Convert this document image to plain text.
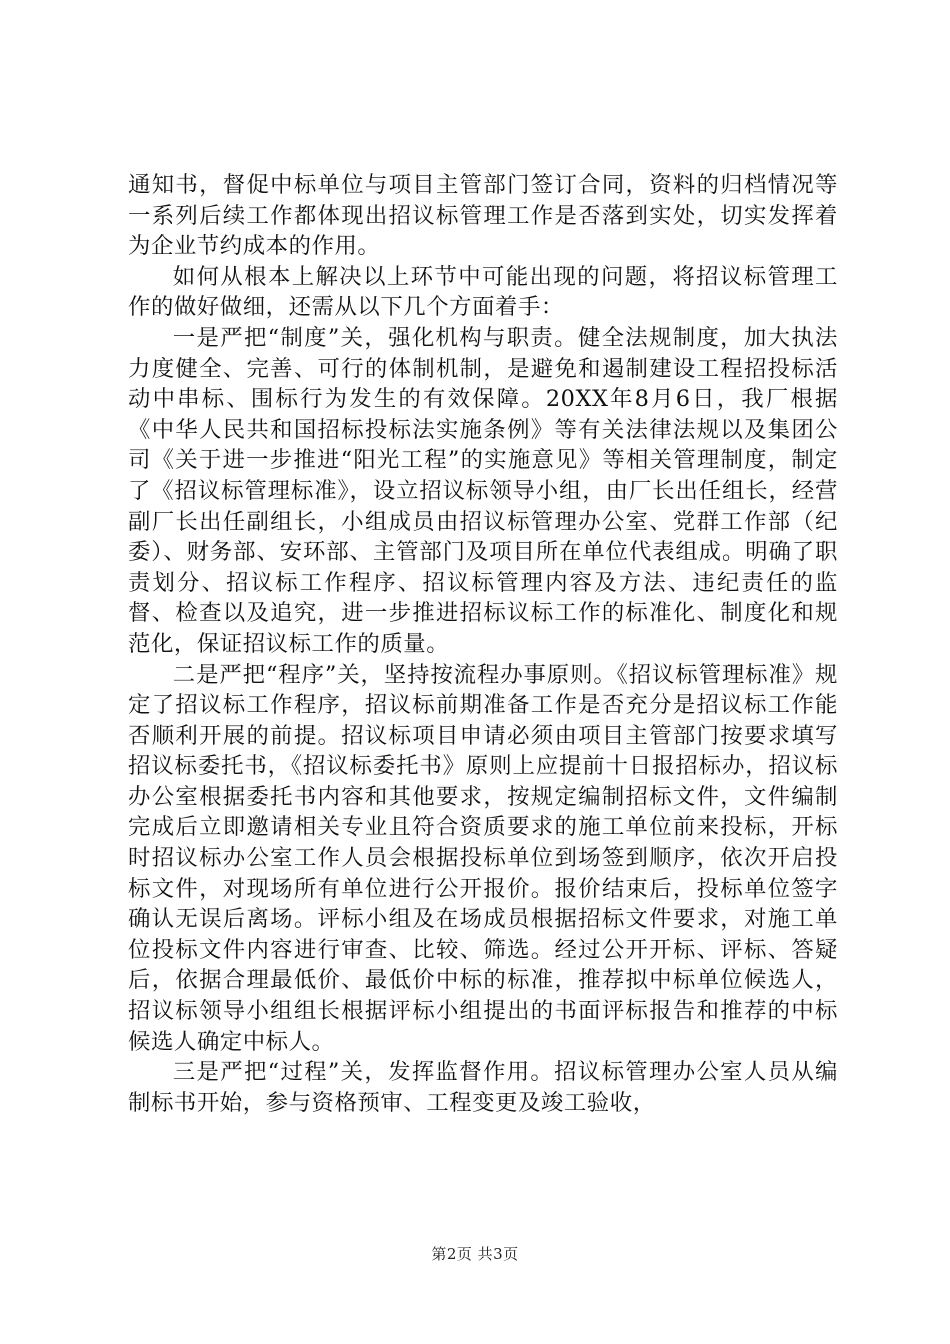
通知书，督促中标单位与项目主管部门签订合同，资料的归档情况等一系列后续工作都体现出招议标管理工作是否落到实处，切实发挥着为企业节约成本的作用。

如何从根本上解决以上环节中可能出现的问题，将招议标管理工作的做好做细，还需从以下几个方面着手：

一是严把“制度”关，强化机构与职责。健全法规制度，加大执法力度健全、完善、可行的体制机制，是避免和遏制建设工程招投标活动中串标、围标行为发生的有效保障。20XX年8月6日，我厂根据《中华人民共和国招标投标法实施条例》等有关法律法规以及集团公司《关于进一步推进“阳光工程”的实施意见》等相关管理制度，制定了《招议标管理标准》，设立招议标领导小组，由厂长出任组长，经营副厂长出任副组长，小组成员由招议标管理办公室、党群工作部（纪委）、财务部、安环部、主管部门及项目所在单位代表组成。明确了职责划分、招议标工作程序、招议标管理内容及方法、违纪责任的监督、检查以及追究，进一步推进招标议标工作的标准化、制度化和规范化，保证招议标工作的质量。

二是严把“程序”关，坚持按流程办事原则。《招议标管理标准》规定了招议标工作程序，招议标前期准备工作是否充分是招议标工作能否顺利开展的前提。招议标项目申请必须由项目主管部门按要求填写招议标委托书，《招议标委托书》原则上应提前十日报招标办，招议标办公室根据委托书内容和其他要求，按规定编制招标文件，文件编制完成后立即邀请相关专业且符合资质要求的施工单位前来投标，开标时招议标办公室工作人员会根据投标单位到场签到顺序，依次开启投标文件，对现场所有单位进行公开报价。报价结束后，投标单位签字确认无误后离场。评标小组及在场成员根据招标文件要求，对施工单位投标文件内容进行审查、比较、筛选。经过公开开标、评标、答疑后，依据合理最低价、最低价中标的标准，推荐拟中标单位候选人，招议标领导小组组长根据评标小组提出的书面评标报告和推荐的中标候选人确定中标人。

三是严把“过程”关，发挥监督作用。招议标管理办公室人员从编制标书开始，参与资格预审、工程变更及竣工验收，

第2页 共3页
